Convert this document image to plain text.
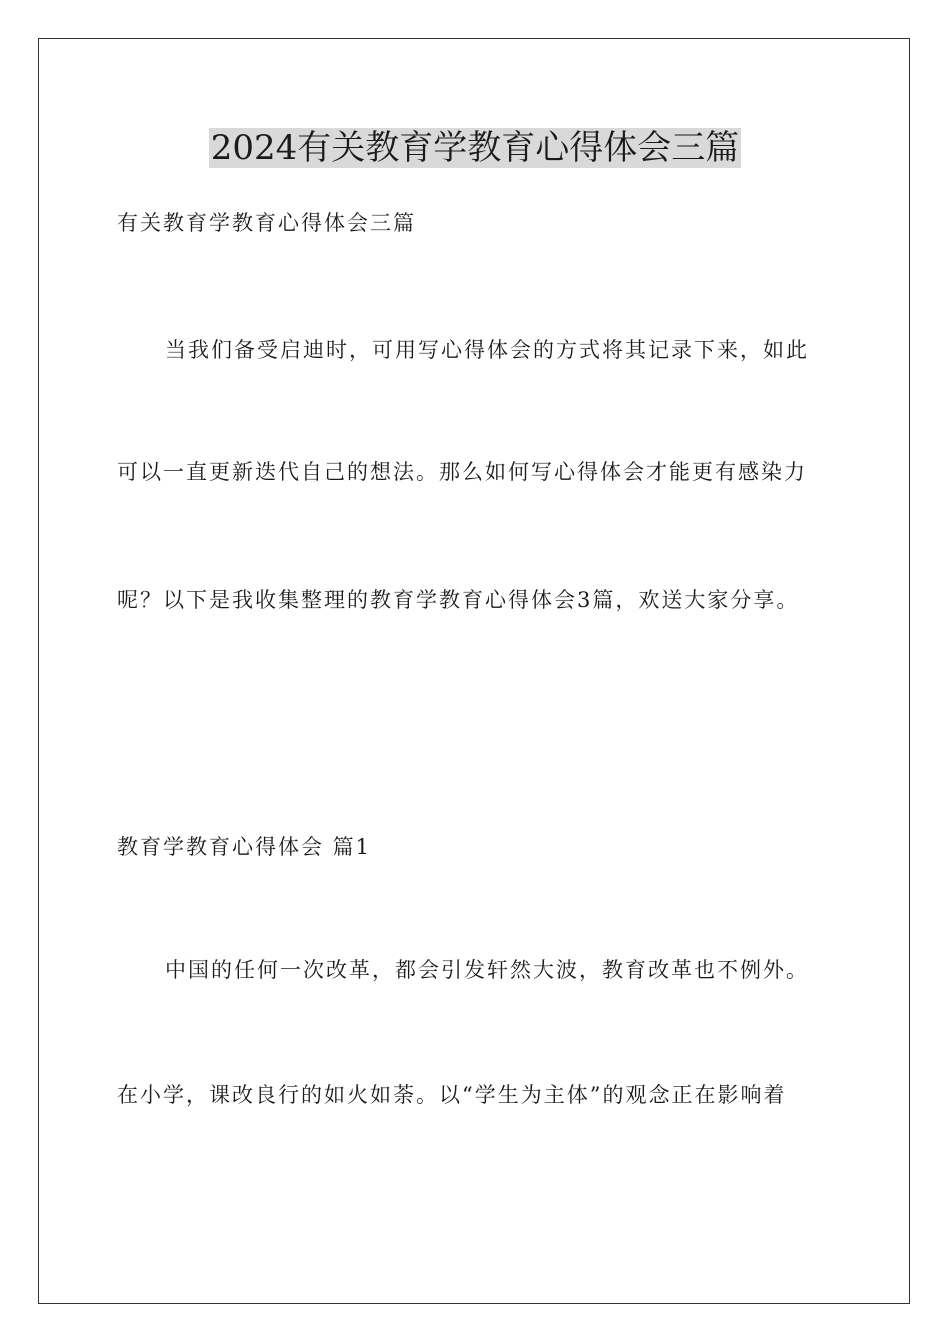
2024有关教育学教育心得体会三篇

有关教育学教育心得体会三篇

当我们备受启迪时，可用写心得体会的方式将其记录下来，如此

可以一直更新迭代自己的想法。那么如何写心得体会才能更有感染力

呢？以下是我收集整理的教育学教育心得体会3篇，欢送大家分享。

教育学教育心得体会 篇1

中国的任何一次改革，都会引发轩然大波，教育改革也不例外。

在小学，课改良行的如火如荼。以“学生为主体”的观念正在影响着
